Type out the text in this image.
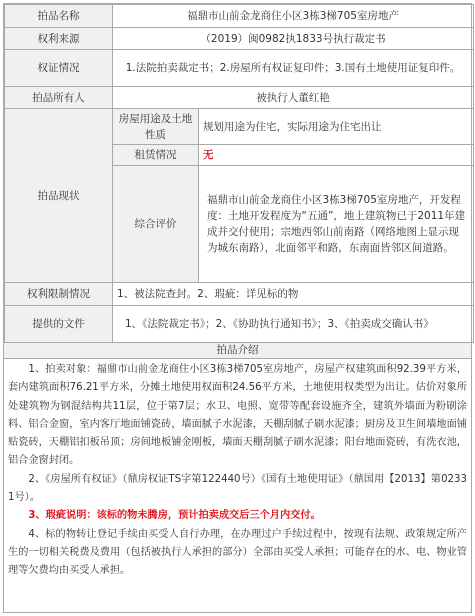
拍品名称	福鼎市山前金龙商住小区3栋3梯705室房地产	
权利来源	（2019）闽0982执1833号执行裁定书	
权证情况	1.法院拍卖裁定书；2.房屋所有权证复印件；3.国有土地使用证复印件。	
拍品所有人	被执行人董红艳	
拍品现状	房屋用途及土地性质	规划用途为住宅，实际用途为住宅出让
	租赁情况	无
	综合评价	福鼎市山前金龙商住小区3栋3梯705室房地产，开发程度：土地开发程度为“五通”，地上建筑物已于2011年建成并交付使用；宗地西邻山前南路（网络地图上显示现为城东南路），北面邻平和路，东南面皆邻区间道路。
权利限制情况	1、被法院查封。2、瑕疵：详见标的物	
提供的文件	1、《法院裁定书》；2、《协助执行通知书》；3、《拍卖成交确认书》	
拍品介绍

1、拍卖对象：福鼎市山前金龙商住小区3栋3梯705室房地产，房屋产权建筑面积92.39平方米，套内建筑面积76.21平方米，分摊土地使用权面积24.56平方米，土地使用权类型为出让。估价对象所处建筑物为钢混结构共11层，位于第7层；水卫、电照、宽带等配套设施齐全，建筑外墙面为粉刷涂料、铝合金窗，室内客厅地面铺瓷砖，墙面腻子水泥漆，天棚刮腻子刷水泥漆；厨房及卫生间墙地面铺贴瓷砖，天棚铝扣板吊顶；房间地板铺金刚板，墙面天棚刮腻子刷水泥漆；阳台地面瓷砖，有洗衣池，铝合金窗封闭。

2、《房屋所有权证》（鼎房权证TS字第122440号）《国有土地使用证》（鼎国用【2013】第02331号）。

3、瑕疵说明：该标的物未腾房，预计拍卖成交后三个月内交付。

4、标的物转让登记手续由买受人自行办理，在办理过户手续过程中，按现有法规、政策规定所产生的一切相关税费及费用（包括被执行人承担的部分）全部由买受人承担；可能存在的水、电、物业管理等欠费均由买受人承担。
